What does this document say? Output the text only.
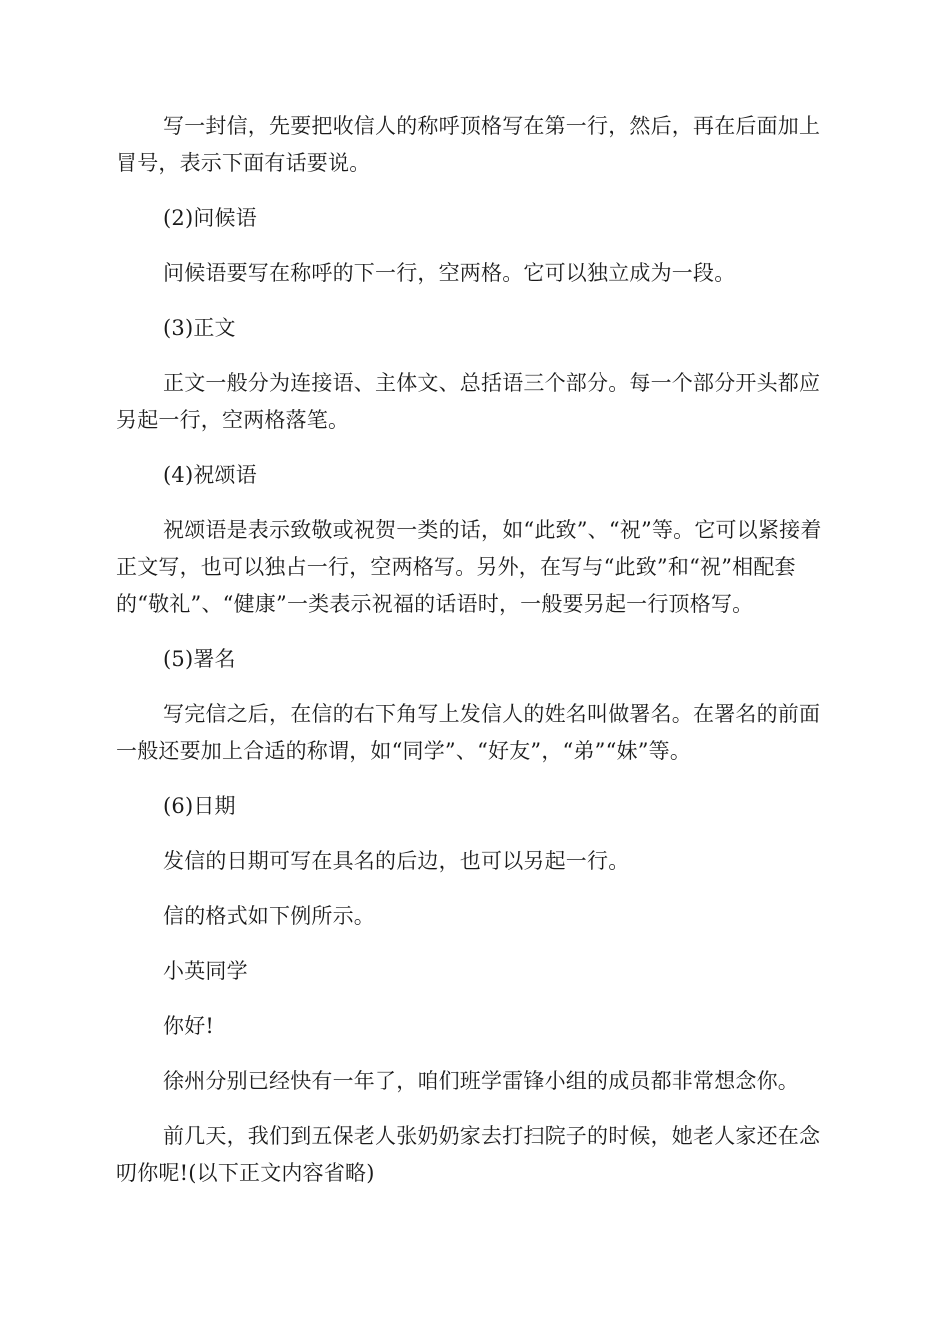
写一封信，先要把收信人的称呼顶格写在第一行，然后，再在后面加上冒号，表示下面有话要说。

(2)问候语

问候语要写在称呼的下一行，空两格。它可以独立成为一段。

(3)正文

正文一般分为连接语、主体文、总括语三个部分。每一个部分开头都应另起一行，空两格落笔。

(4)祝颂语

祝颂语是表示致敬或祝贺一类的话，如“此致”、“祝”等。它可以紧接着正文写，也可以独占一行，空两格写。另外，在写与“此致”和“祝”相配套的“敬礼”、“健康”一类表示祝福的话语时，一般要另起一行顶格写。

(5)署名

写完信之后，在信的右下角写上发信人的姓名叫做署名。在署名的前面一般还要加上合适的称谓，如“同学”、“好友”，“弟”“妹”等。

(6)日期

发信的日期可写在具名的后边，也可以另起一行。

信的格式如下例所示。

小英同学

你好!

徐州分别已经快有一年了，咱们班学雷锋小组的成员都非常想念你。

前几天，我们到五保老人张奶奶家去打扫院子的时候，她老人家还在念叨你呢!(以下正文内容省略)
